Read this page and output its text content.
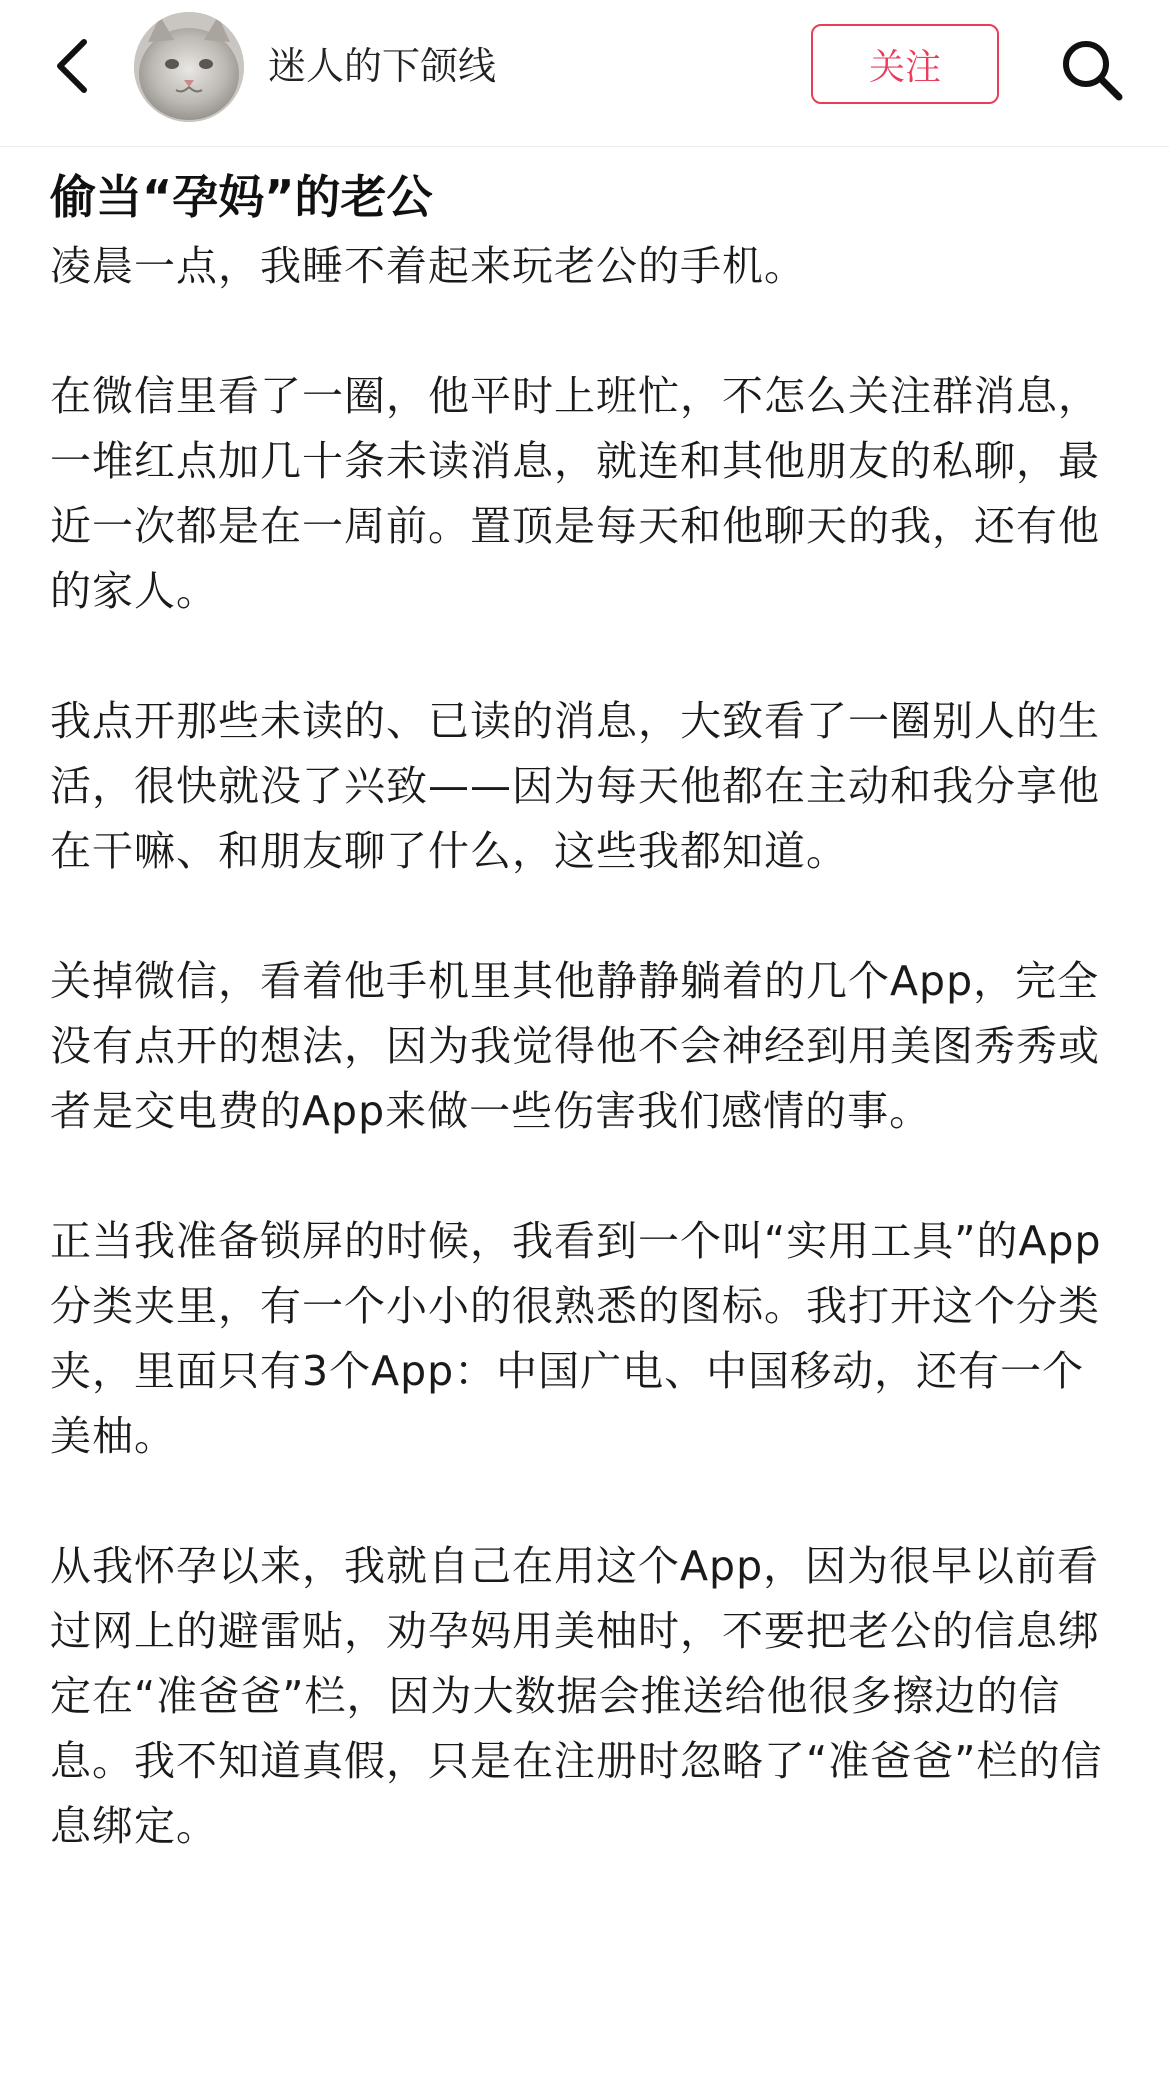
迷人的下颌线	关注
偷当“孕妈”的老公

凌晨一点，我睡不着起来玩老公的手机。

在微信里看了一圈，他平时上班忙，不怎么关注群消息，一堆红点加几十条未读消息，就连和其他朋友的私聊，最近一次都是在一周前。置顶是每天和他聊天的我，还有他的家人。

我点开那些未读的、已读的消息，大致看了一圈别人的生活，很快就没了兴致——因为每天他都在主动和我分享他在干嘛、和朋友聊了什么，这些我都知道。

关掉微信，看着他手机里其他静静躺着的几个App，完全没有点开的想法，因为我觉得他不会神经到用美图秀秀或者是交电费的App来做一些伤害我们感情的事。

正当我准备锁屏的时候，我看到一个叫“实用工具”的App分类夹里，有一个小小的很熟悉的图标。我打开这个分类夹，里面只有3个App：中国广电、中国移动，还有一个美柚。

从我怀孕以来，我就自己在用这个App，因为很早以前看过网上的避雷贴，劝孕妈用美柚时，不要把老公的信息绑定在“准爸爸”栏，因为大数据会推送给他很多擦边的信息。我不知道真假，只是在注册时忽略了“准爸爸”栏的信息绑定。
